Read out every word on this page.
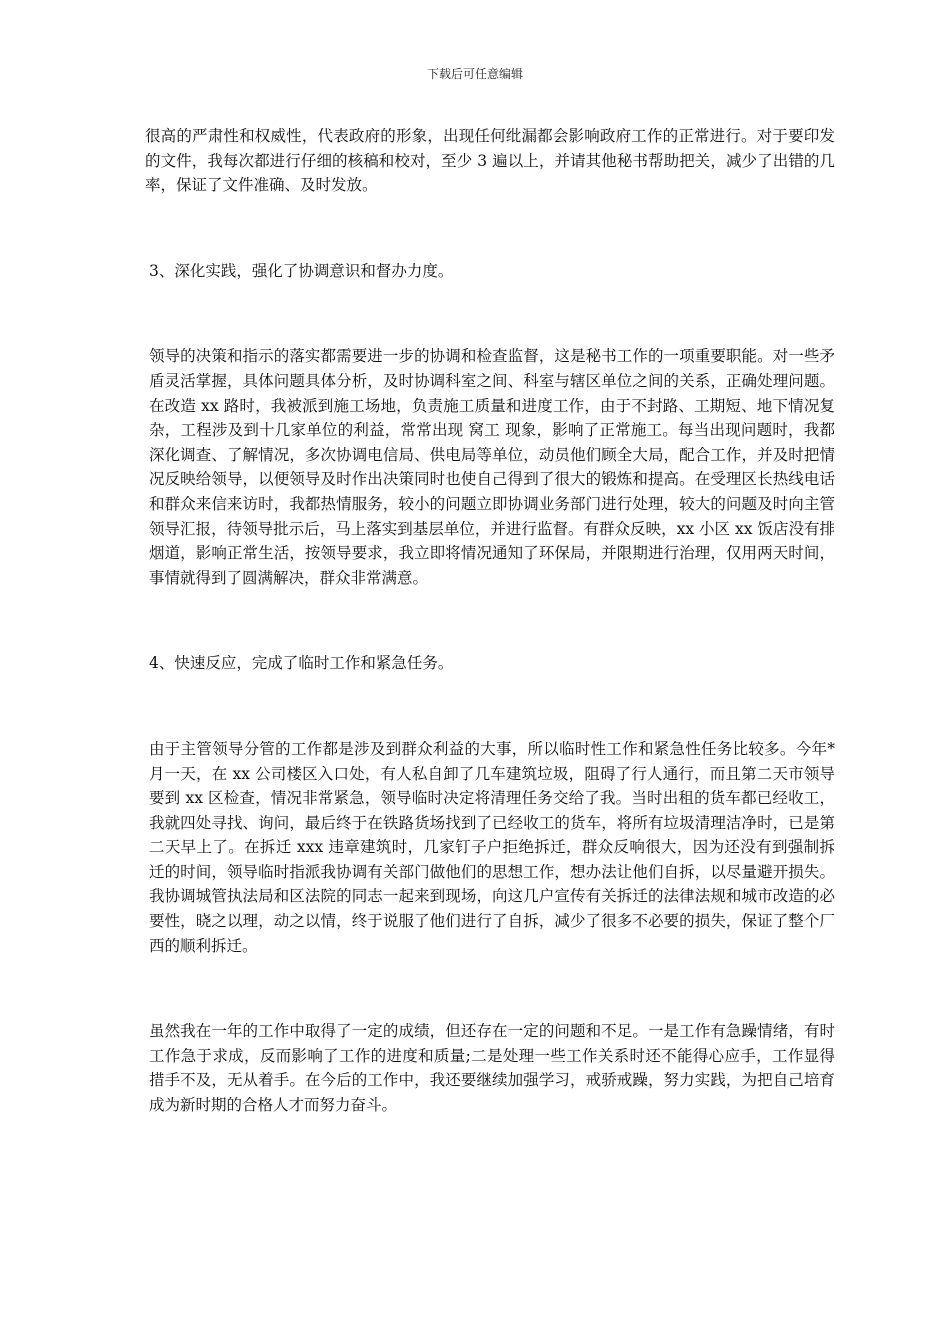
下载后可任意编辑

很高的严肃性和权威性，代表政府的形象，出现任何纰漏都会影响政府工作的正常进行。对于要印发的文件，我每次都进行仔细的核稿和校对，至少 3 遍以上，并请其他秘书帮助把关，减少了出错的几率，保证了文件准确、及时发放。

3、深化实践，强化了协调意识和督办力度。

领导的决策和指示的落实都需要进一步的协调和检查监督，这是秘书工作的一项重要职能。对一些矛盾灵活掌握，具体问题具体分析，及时协调科室之间、科室与辖区单位之间的关系，正确处理问题。在改造 xx 路时，我被派到施工场地，负责施工质量和进度工作，由于不封路、工期短、地下情况复杂，工程涉及到十几家单位的利益，常常出现 窝工 现象，影响了正常施工。每当出现问题时，我都深化调查、了解情况，多次协调电信局、供电局等单位，动员他们顾全大局，配合工作，并及时把情况反映给领导，以便领导及时作出决策同时也使自己得到了很大的锻炼和提高。在受理区长热线电话和群众来信来访时，我都热情服务，较小的问题立即协调业务部门进行处理，较大的问题及时向主管领导汇报，待领导批示后，马上落实到基层单位，并进行监督。有群众反映，xx 小区 xx 饭店没有排烟道，影响正常生活，按领导要求，我立即将情况通知了环保局，并限期进行治理，仅用两天时间，事情就得到了圆满解决，群众非常满意。

4、快速反应，完成了临时工作和紧急任务。

由于主管领导分管的工作都是涉及到群众利益的大事，所以临时性工作和紧急性任务比较多。今年*月一天，在 xx 公司楼区入口处，有人私自卸了几车建筑垃圾，阻碍了行人通行，而且第二天市领导要到 xx 区检查，情况非常紧急，领导临时决定将清理任务交给了我。当时出租的货车都已经收工，我就四处寻找、询问，最后终于在铁路货场找到了已经收工的货车，将所有垃圾清理洁净时，已是第二天早上了。在拆迁 xxx 违章建筑时，几家钉子户拒绝拆迁，群众反响很大，因为还没有到强制拆迁的时间，领导临时指派我协调有关部门做他们的思想工作，想办法让他们自拆，以尽量避开损失。我协调城管执法局和区法院的同志一起来到现场，向这几户宣传有关拆迁的法律法规和城市改造的必要性，晓之以理，动之以情，终于说服了他们进行了自拆，减少了很多不必要的损失，保证了整个厂西的顺利拆迁。

虽然我在一年的工作中取得了一定的成绩，但还存在一定的问题和不足。一是工作有急躁情绪，有时工作急于求成，反而影响了工作的进度和质量;二是处理一些工作关系时还不能得心应手，工作显得措手不及，无从着手。在今后的工作中，我还要继续加强学习，戒骄戒躁，努力实践，为把自己培育成为新时期的合格人才而努力奋斗。
